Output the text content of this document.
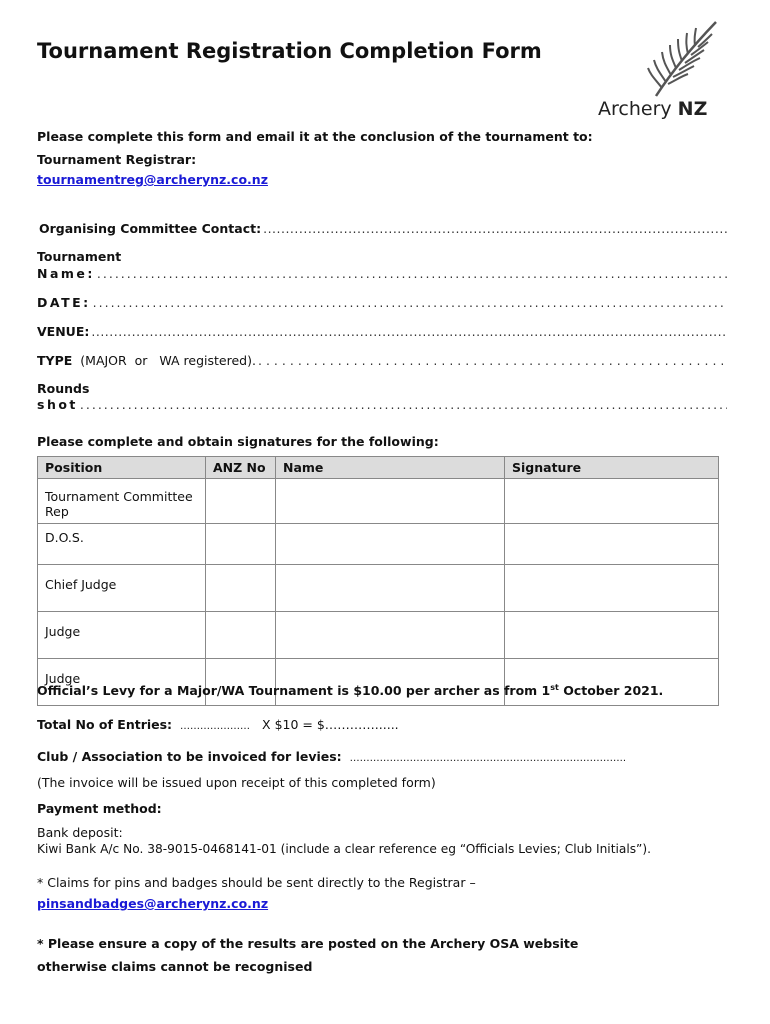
Tournament Registration Completion Form
Archery NZ
Please complete this form and email it at the conclusion of the tournament to:
Tournament Registrar:
tournamentreg@archerynz.co.nz
Organising Committee Contact:
.....
Tournament
Name:
.....
DATE:
.....
VENUE:
.....
TYPE (MAJOR  or   WA registered).
.....
Rounds
shot
.....
Please complete and obtain signatures for the following:
Position	ANZ No	Name	Signature
Tournament Committee Rep			
D.O.S.			
Chief Judge			
Judge			
Judge			
Official’s Levy for a Major/WA Tournament is $10.00 per archer as from 1st October 2021.
Total No of Entries: ………………… X $10 = $…………......
Club / Association to be invoiced for levies: ………………………………………………………………………..
(The invoice will be issued upon receipt of this completed form)
Payment method:
Bank deposit:
Kiwi Bank A/c No. 38-9015-0468141-01 (include a clear reference eg “Officials Levies; Club Initials”).
* Claims for pins and badges should be sent directly to the Registrar –
pinsandbadges@archerynz.co.nz
* Please ensure a copy of the results are posted on the Archery OSA website
otherwise claims cannot be recognised
